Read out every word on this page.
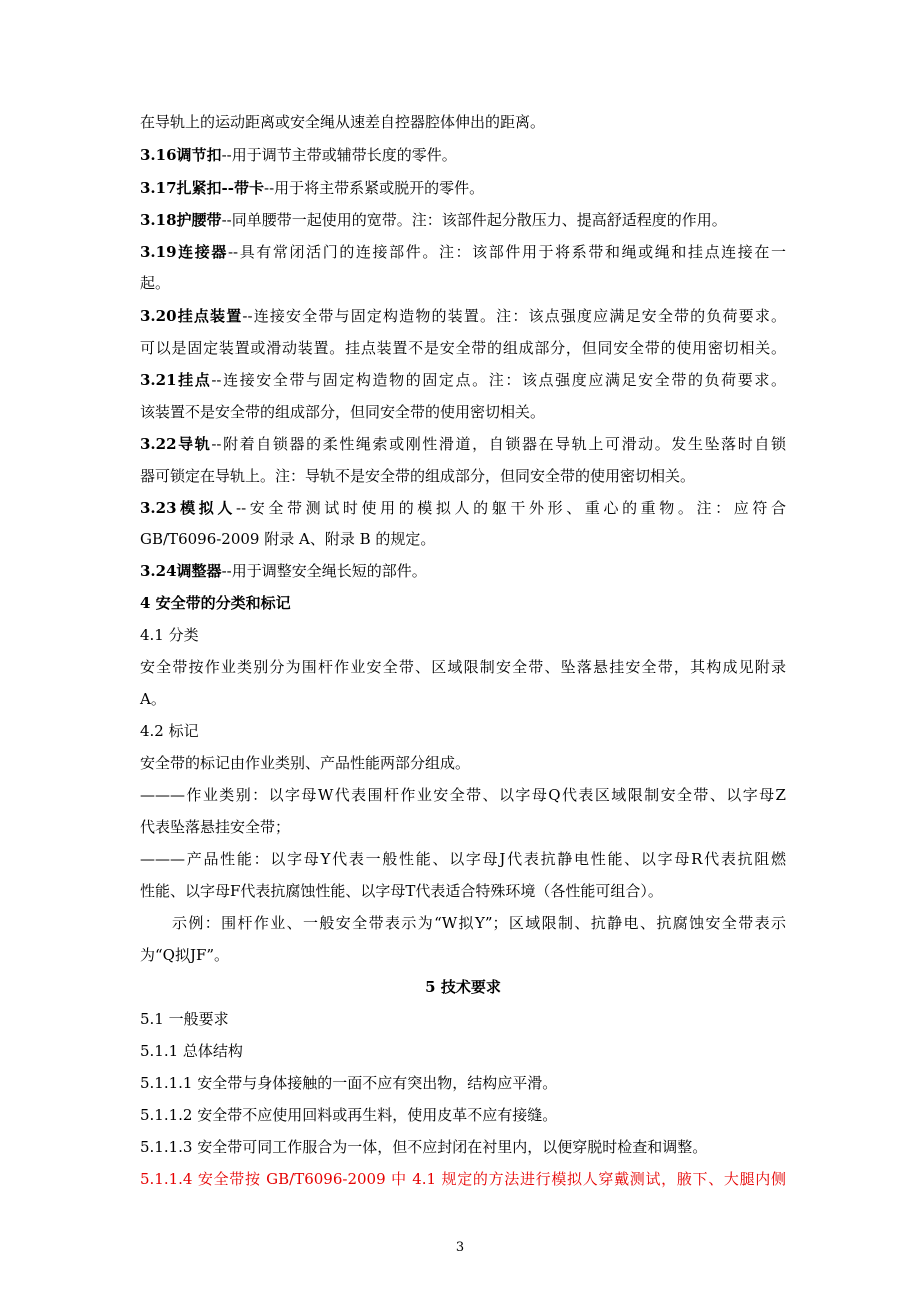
在导轨上的运动距离或安全绳从速差自控器腔体伸出的距离。
3.16调节扣--用于调节主带或辅带长度的零件。
3.17扎紧扣--带卡--用于将主带系紧或脱开的零件。
3.18护腰带--同单腰带一起使用的宽带。注：该部件起分散压力、提高舒适程度的作用。
3.19连接器--具有常闭活门的连接部件。注：该部件用于将系带和绳或绳和挂点连接在一
起。
3.20挂点装置--连接安全带与固定构造物的装置。注：该点强度应满足安全带的负荷要求。
可以是固定装置或滑动装置。挂点装置不是安全带的组成部分，但同安全带的使用密切相关。
3.21挂点--连接安全带与固定构造物的固定点。注：该点强度应满足安全带的负荷要求。
该装置不是安全带的组成部分，但同安全带的使用密切相关。
3.22导轨--附着自锁器的柔性绳索或刚性滑道，自锁器在导轨上可滑动。发生坠落时自锁
器可锁定在导轨上。注：导轨不是安全带的组成部分，但同安全带的使用密切相关。
3.23模拟人--安全带测试时使用的模拟人的躯干外形、重心的重物。注：应符合
GB/T6096-2009 附录 A、附录 B 的规定。
3.24调整器--用于调整安全绳长短的部件。
4 安全带的分类和标记
4.1 分类
安全带按作业类别分为围杆作业安全带、区域限制安全带、坠落悬挂安全带，其构成见附录
A。
4.2 标记
安全带的标记由作业类别、产品性能两部分组成。
———作业类别：以字母W代表围杆作业安全带、以字母Q代表区域限制安全带、以字母Z
代表坠落悬挂安全带；
———产品性能：以字母Y代表一般性能、以字母J代表抗静电性能、以字母R代表抗阻燃
性能、以字母F代表抗腐蚀性能、以字母T代表适合特殊环境（各性能可组合）。
示例：围杆作业、一般安全带表示为“W拟Y”；区域限制、抗静电、抗腐蚀安全带表示
为“Q拟JF”。
5 技术要求
5.1 一般要求
5.1.1 总体结构
5.1.1.1 安全带与身体接触的一面不应有突出物，结构应平滑。
5.1.1.2 安全带不应使用回料或再生料，使用皮革不应有接缝。
5.1.1.3 安全带可同工作服合为一体，但不应封闭在衬里内，以便穿脱时检查和调整。
5.1.1.4 安全带按 GB/T6096-2009 中 4.1 规定的方法进行模拟人穿戴测试，腋下、大腿内侧
3
